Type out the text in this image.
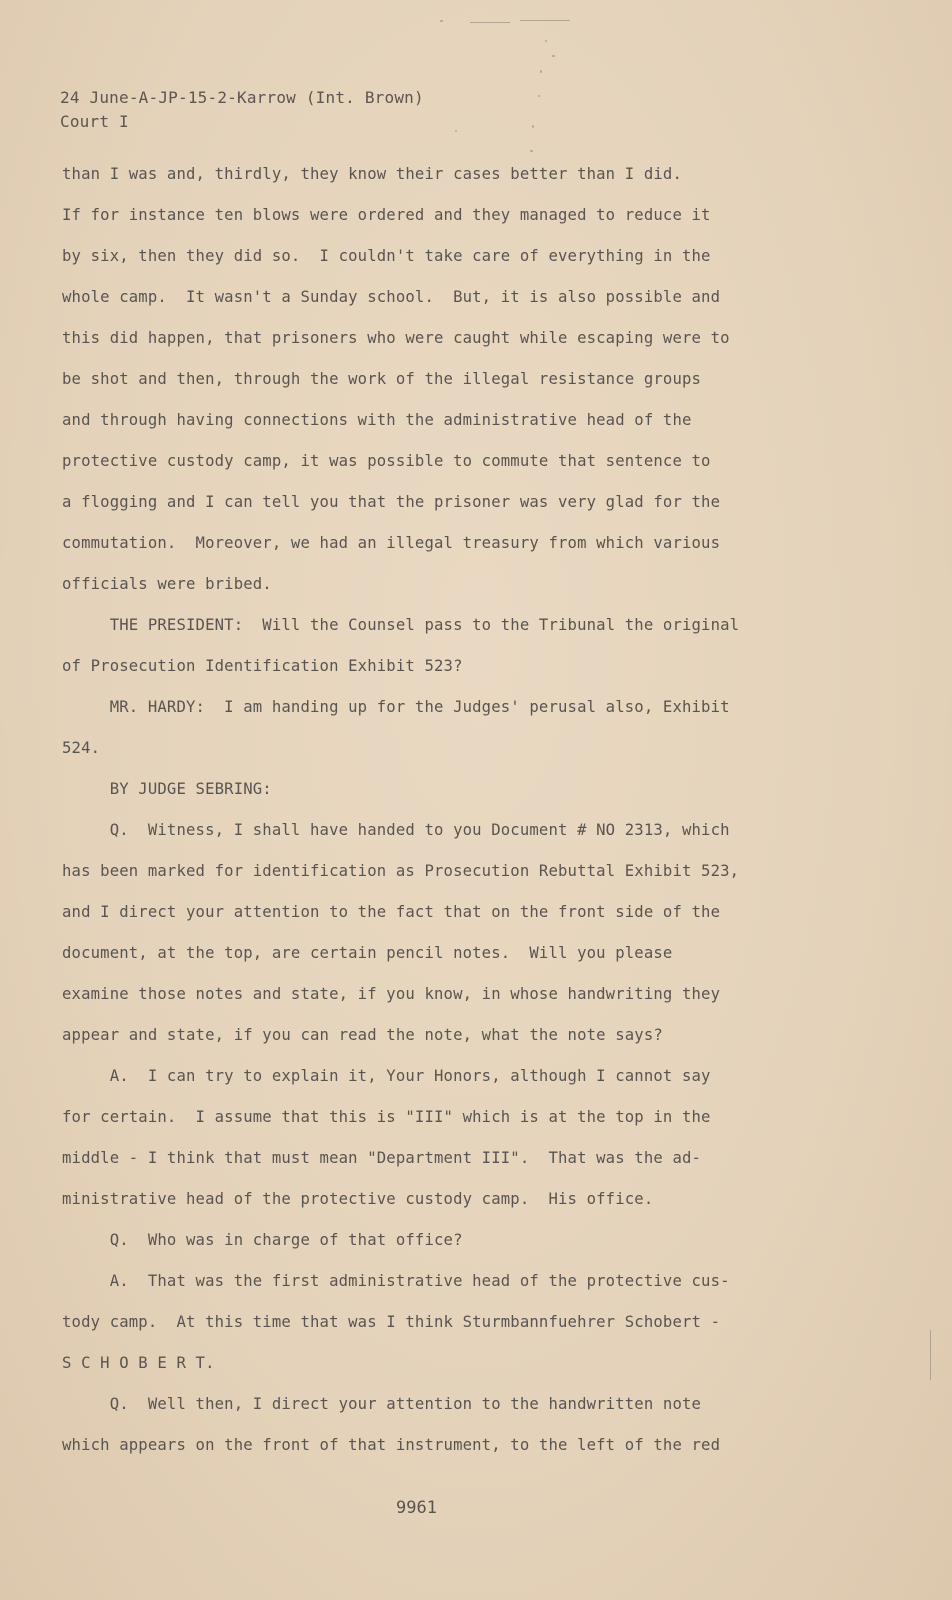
24 June-A-JP-15-2-Karrow (Int. Brown)
Court I
than I was and, thirdly, they know their cases better than I did.
If for instance ten blows were ordered and they managed to reduce it
by six, then they did so.  I couldn't take care of everything in the
whole camp.  It wasn't a Sunday school.  But, it is also possible and
this did happen, that prisoners who were caught while escaping were to
be shot and then, through the work of the illegal resistance groups
and through having connections with the administrative head of the
protective custody camp, it was possible to commute that sentence to
a flogging and I can tell you that the prisoner was very glad for the
commutation.  Moreover, we had an illegal treasury from which various
officials were bribed.
THE PRESIDENT:  Will the Counsel pass to the Tribunal the original
of Prosecution Identification Exhibit 523?
MR. HARDY:  I am handing up for the Judges' perusal also, Exhibit
524.
BY JUDGE SEBRING:
Q.  Witness, I shall have handed to you Document # NO 2313, which
has been marked for identification as Prosecution Rebuttal Exhibit 523,
and I direct your attention to the fact that on the front side of the
document, at the top, are certain pencil notes.  Will you please
examine those notes and state, if you know, in whose handwriting they
appear and state, if you can read the note, what the note says?
A.  I can try to explain it, Your Honors, although I cannot say
for certain.  I assume that this is "III" which is at the top in the
middle - I think that must mean "Department III".  That was the ad-
ministrative head of the protective custody camp.  His office.
Q.  Who was in charge of that office?
A.  That was the first administrative head of the protective cus-
tody camp.  At this time that was I think Sturmbannfuehrer Schobert -
S C H O B E R T.
Q.  Well then, I direct your attention to the handwritten note
which appears on the front of that instrument, to the left of the red
9961
